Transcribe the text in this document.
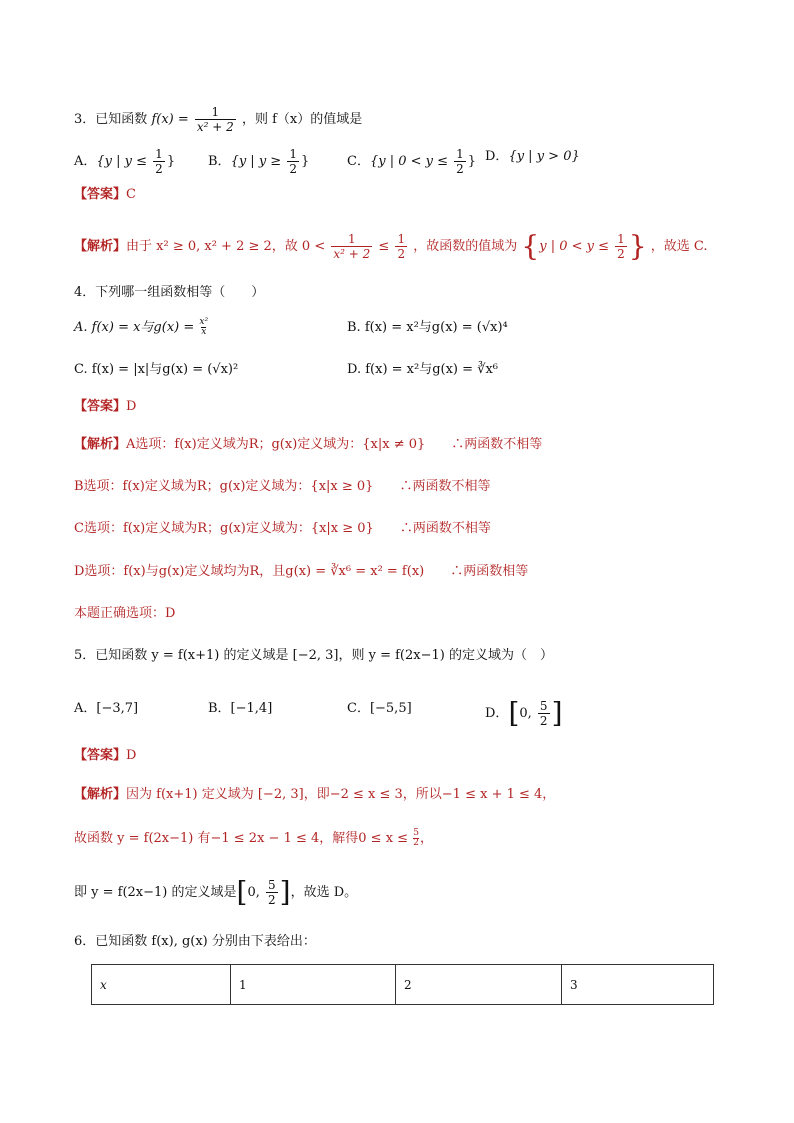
3．已知函数 $f(x) = \frac{1}{\text{x² + 2}}$ ，则 f（x）的值域是
A．{y | $y \le \frac{1}{2}$ }	B．{y | $y \ge \frac{1}{2}$ }	C．{y | $0 < y \le \frac{1}{2}$ } D．{y | y > 0}
【答案】C
【解析】由于 x² ≥ 0, x² + 2 ≥ 2，故 $0 < \frac{1}{\text{x² + 2}} \le \frac{1}{2}$ ，故函数的值域为 {y | $0 < y \le \frac{1}{2}$ } ，故选 C.
4．下列哪一组函数相等（　　）
A. f(x) = x与$g(x) = \frac{\text{x²}}{x}$	B. f(x) = x²与g(x) = (√x)⁴
C. f(x) = |x|与g(x) = (√x)²	D. f(x) = x²与g(x) = ∛x⁶
【答案】D
【解析】A选项：f(x)定义域为R；g(x)定义域为：{x|x ≠ 0}　　∴两函数不相等
B选项：f(x)定义域为R；g(x)定义域为：{x|x ≥ 0}　　∴两函数不相等
C选项：f(x)定义域为R；g(x)定义域为：{x|x ≥ 0}　　∴两函数不相等
D选项：f(x)与g(x)定义域均为R，且g(x) = ∛x⁶ = x² = f(x)　　∴两函数相等
本题正确选项：D
5．已知函数 y = f(x+1) 的定义域是 [−2, 3]，则 y = f(2x−1) 的定义域为（　）
A．[−3,7]	B．[−1,4]	C．[−5,5]	D．[0, $\frac{5}{2}$ ]
【答案】D
【解析】因为 f(x+1) 定义域为 [−2, 3]，即−2 ≤ x ≤ 3，所以−1 ≤ x + 1 ≤ 4，
故函数 y = f(2x−1) 有−1 ≤ 2x − 1 ≤ 4，解得$0 \le x \le \frac{5}{2}$ ，
即 y = f(2x−1) 的定义域是[0, $\frac{5}{2}$ ]，故选 D。
6．已知函数 f(x), g(x) 分别由下表给出：
x	1	2	3
